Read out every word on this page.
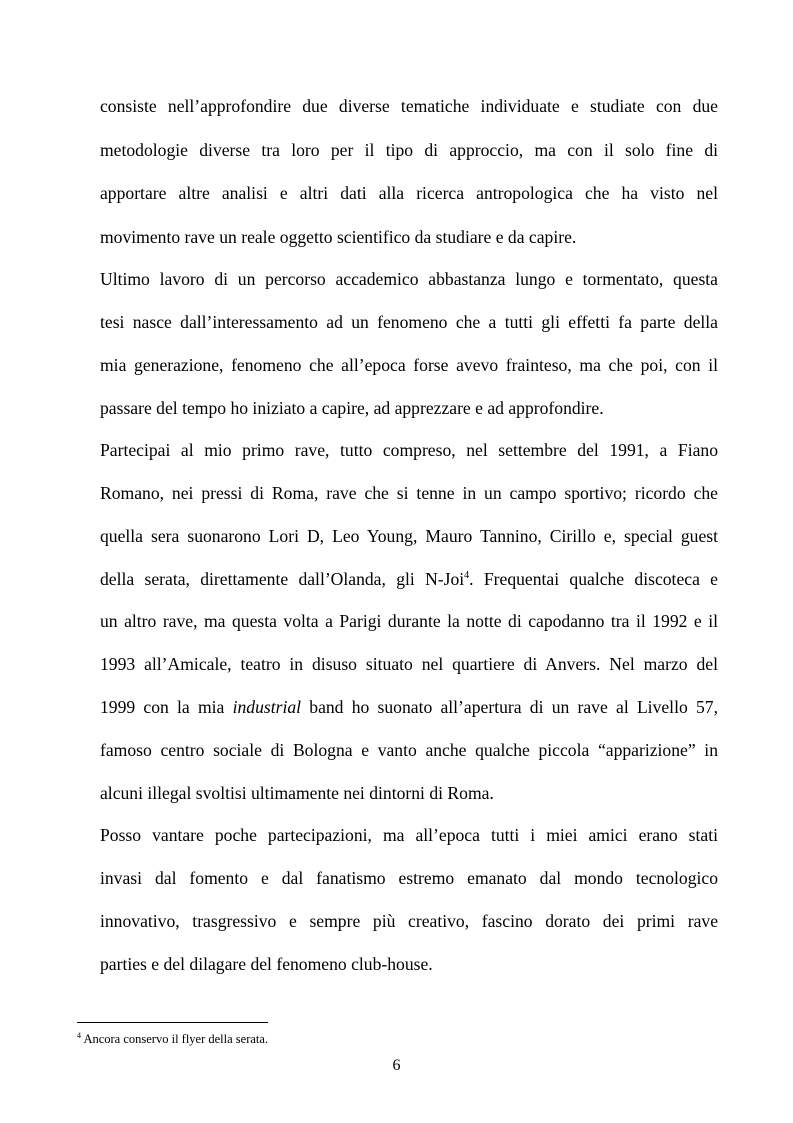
consiste nell’approfondire due diverse tematiche individuate e studiate con due
metodologie diverse tra loro per il tipo di approccio, ma con il solo fine di
apportare altre analisi e altri dati alla ricerca antropologica che ha visto nel
movimento rave un reale oggetto scientifico da studiare e da capire.
Ultimo lavoro di un percorso accademico abbastanza lungo e tormentato, questa
tesi nasce dall’interessamento ad un fenomeno che a tutti gli effetti fa parte della
mia generazione, fenomeno che all’epoca forse avevo frainteso, ma che poi, con il
passare del tempo ho iniziato a capire, ad apprezzare e ad approfondire.
Partecipai al mio primo rave, tutto compreso, nel settembre del 1991, a Fiano
Romano, nei pressi di Roma, rave che si tenne in un campo sportivo; ricordo che
quella sera suonarono Lori D, Leo Young, Mauro Tannino, Cirillo e, special guest
della serata, direttamente dall’Olanda, gli N-Joi$^4$. Frequentai qualche discoteca e
un altro rave, ma questa volta a Parigi durante la notte di capodanno tra il 1992 e il
1993 all’Amicale, teatro in disuso situato nel quartiere di Anvers. Nel marzo del
1999 con la mia industrial band ho suonato all’apertura di un rave al Livello 57,
famoso centro sociale di Bologna e vanto anche qualche piccola “apparizione” in
alcuni illegal svoltisi ultimamente nei dintorni di Roma.
Posso vantare poche partecipazioni, ma all’epoca tutti i miei amici erano stati
invasi dal fomento e dal fanatismo estremo emanato dal mondo tecnologico
innovativo, trasgressivo e sempre più creativo, fascino dorato dei primi rave
parties e del dilagare del fenomeno club-house.
$^4$ Ancora conservo il flyer della serata.
6
